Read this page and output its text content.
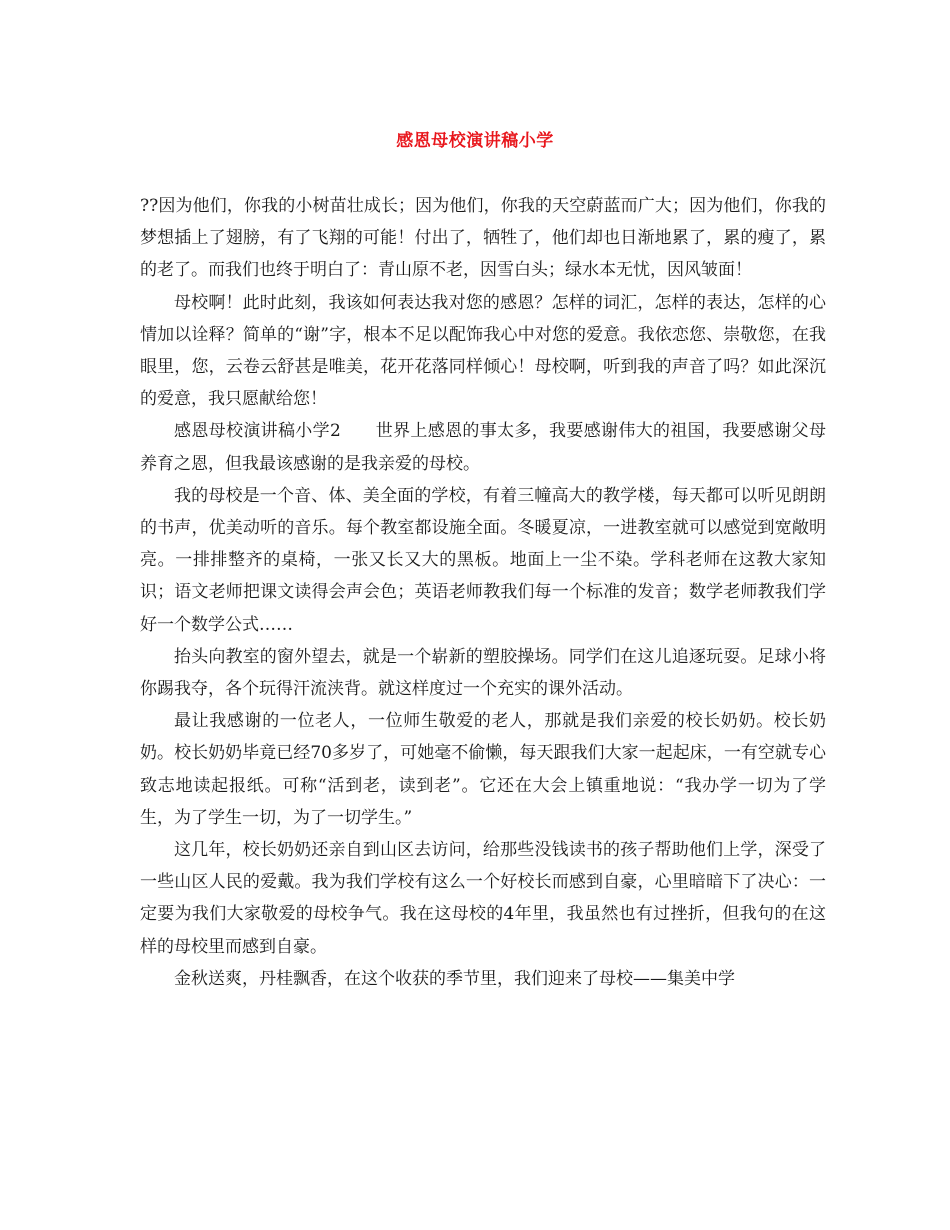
感恩母校演讲稿小学

??因为他们，你我的小树苗壮成长；因为他们，你我的天空蔚蓝而广大；因为他们，你我的梦想插上了翅膀，有了飞翔的可能！付出了，牺牲了，他们却也日渐地累了，累的瘦了，累的老了。而我们也终于明白了：青山原不老，因雪白头；绿水本无忧，因风皱面！

母校啊！此时此刻，我该如何表达我对您的感恩？怎样的词汇，怎样的表达，怎样的心情加以诠释？简单的“谢”字，根本不足以配饰我心中对您的爱意。我依恋您、崇敬您，在我眼里，您，云卷云舒甚是唯美，花开花落同样倾心！母校啊，听到我的声音了吗？如此深沉的爱意，我只愿献给您！

感恩母校演讲稿小学2　　世界上感恩的事太多，我要感谢伟大的祖国，我要感谢父母养育之恩，但我最该感谢的是我亲爱的母校。

我的母校是一个音、体、美全面的学校，有着三幢高大的教学楼，每天都可以听见朗朗的书声，优美动听的音乐。每个教室都设施全面。冬暖夏凉，一进教室就可以感觉到宽敞明亮。一排排整齐的桌椅，一张又长又大的黑板。地面上一尘不染。学科老师在这教大家知识；语文老师把课文读得会声会色；英语老师教我们每一个标准的发音；数学老师教我们学好一个数学公式……

抬头向教室的窗外望去，就是一个崭新的塑胶操场。同学们在这儿追逐玩耍。足球小将你踢我夺，各个玩得汗流浃背。就这样度过一个充实的课外活动。

最让我感谢的一位老人，一位师生敬爱的老人，那就是我们亲爱的校长奶奶。校长奶奶。校长奶奶毕竟已经70多岁了，可她毫不偷懒，每天跟我们大家一起起床，一有空就专心致志地读起报纸。可称“活到老，读到老”。它还在大会上镇重地说：“我办学一切为了学生，为了学生一切，为了一切学生。”

这几年，校长奶奶还亲自到山区去访问，给那些没钱读书的孩子帮助他们上学，深受了一些山区人民的爱戴。我为我们学校有这么一个好校长而感到自豪，心里暗暗下了决心：一定要为我们大家敬爱的母校争气。我在这母校的4年里，我虽然也有过挫折，但我句的在这样的母校里而感到自豪。

金秋送爽，丹桂飘香，在这个收获的季节里，我们迎来了母校——集美中学
